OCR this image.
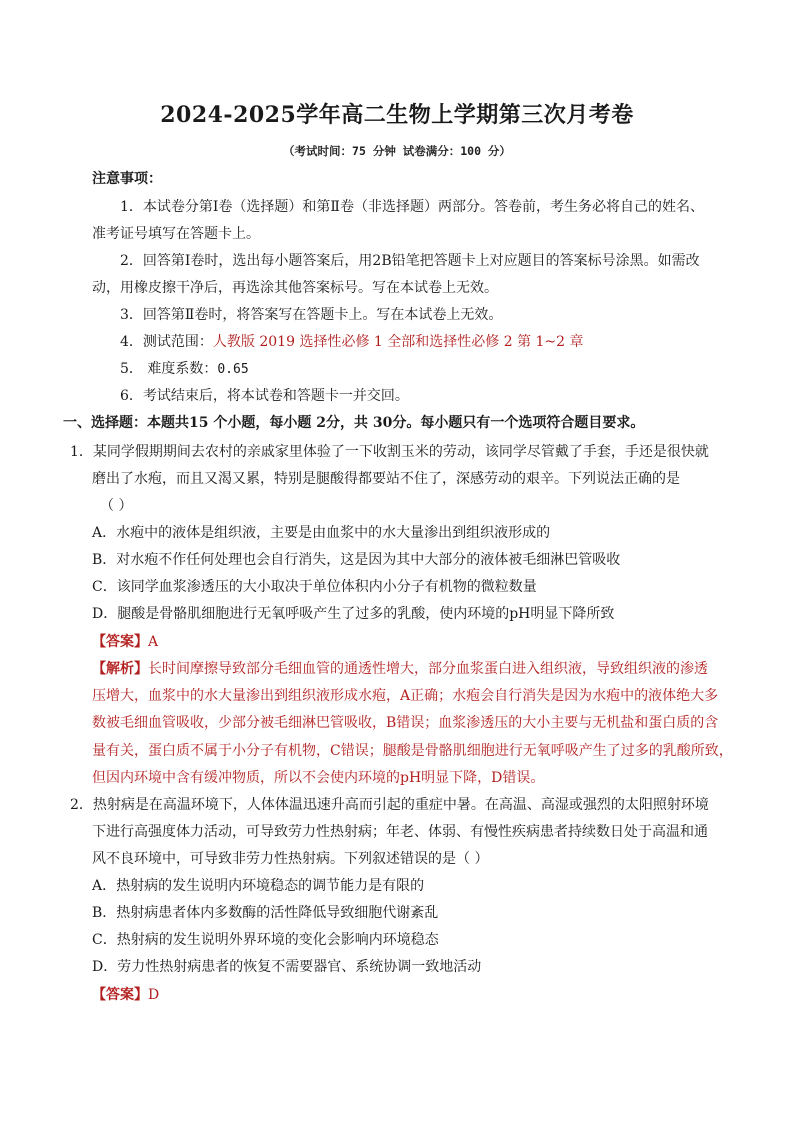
2024-2025学年高二生物上学期第三次月考卷
（考试时间：75 分钟 试卷满分：100 分）
注意事项：
1．本试卷分第Ⅰ卷（选择题）和第Ⅱ卷（非选择题）两部分。答卷前，考生务必将自己的姓名、
准考证号填写在答题卡上。
2．回答第Ⅰ卷时，选出每小题答案后，用2B铅笔把答题卡上对应题目的答案标号涂黑。如需改
动，用橡皮擦干净后，再选涂其他答案标号。写在本试卷上无效。
3．回答第Ⅱ卷时，将答案写在答题卡上。写在本试卷上无效。
4．测试范围：人教版 2019 选择性必修 1 全部和选择性必修 2 第 1~2 章
5． 难度系数：0.65
6．考试结束后，将本试卷和答题卡一并交回。
一、选择题：本题共15 个小题，每小题 2分，共 30分。每小题只有一个选项符合题目要求。
1．某同学假期期间去农村的亲戚家里体验了一下收割玉米的劳动，该同学尽管戴了手套，手还是很快就
磨出了水疱，而且又渴又累，特别是腿酸得都要站不住了，深感劳动的艰辛。下列说法正确的是
（ ）
A．水疱中的液体是组织液，主要是由血浆中的水大量渗出到组织液形成的
B．对水疱不作任何处理也会自行消失，这是因为其中大部分的液体被毛细淋巴管吸收
C．该同学血浆渗透压的大小取决于单位体积内小分子有机物的微粒数量
D．腿酸是骨骼肌细胞进行无氧呼吸产生了过多的乳酸，使内环境的pH明显下降所致
【答案】A
【解析】长时间摩擦导致部分毛细血管的通透性增大，部分血浆蛋白进入组织液，导致组织液的渗透
压增大，血浆中的水大量渗出到组织液形成水疱，A正确；水疱会自行消失是因为水疱中的液体绝大多
数被毛细血管吸收，少部分被毛细淋巴管吸收，B错误；血浆渗透压的大小主要与无机盐和蛋白质的含
量有关，蛋白质不属于小分子有机物，C错误；腿酸是骨骼肌细胞进行无氧呼吸产生了过多的乳酸所致，
但因内环境中含有缓冲物质，所以不会使内环境的pH明显下降，D错误。
2．热射病是在高温环境下，人体体温迅速升高而引起的重症中暑。在高温、高湿或强烈的太阳照射环境
下进行高强度体力活动，可导致劳力性热射病；年老、体弱、有慢性疾病患者持续数日处于高温和通
风不良环境中，可导致非劳力性热射病。下列叙述错误的是（ ）
A．热射病的发生说明内环境稳态的调节能力是有限的
B．热射病患者体内多数酶的活性降低导致细胞代谢紊乱
C．热射病的发生说明外界环境的变化会影响内环境稳态
D．劳力性热射病患者的恢复不需要器官、系统协调一致地活动
【答案】D
